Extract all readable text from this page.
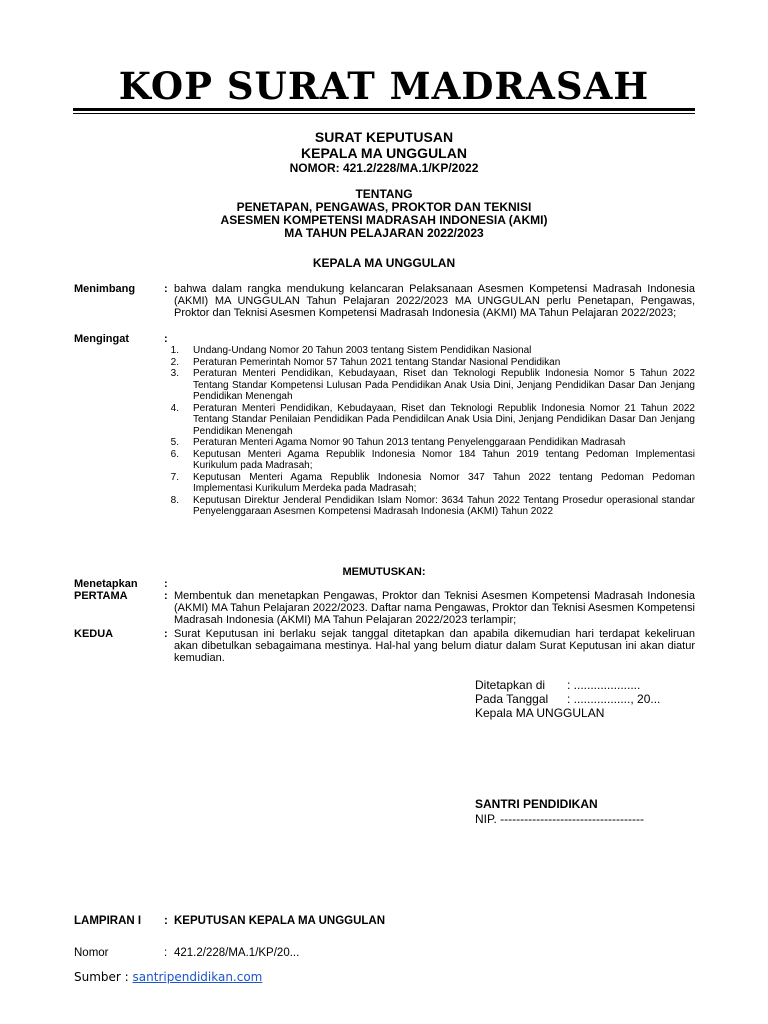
KOP SURAT MADRASAH
SURAT KEPUTUSAN
KEPALA MA UNGGULAN
NOMOR: 421.2/228/MA.1/KP/2022
TENTANG
PENETAPAN, PENGAWAS, PROKTOR DAN TEKNISI
ASESMEN KOMPETENSI MADRASAH INDONESIA (AKMI)
MA TAHUN PELAJARAN 2022/2023
KEPALA MA UNGGULAN
Menimbang	: bahwa dalam rangka mendukung kelancaran Pelaksanaan Asesmen Kompetensi Madrasah Indonesia (AKMI) MA UNGGULAN Tahun Pelajaran 2022/2023 MA UNGGULAN perlu Penetapan, Pengawas, Proktor dan Teknisi Asesmen Kompetensi Madrasah Indonesia (AKMI) MA Tahun Pelajaran 2022/2023;
Mengingat	:
1. Undang-Undang Nomor 20 Tahun 2003 tentang Sistem Pendidikan Nasional
2. Peraturan Pemerintah Nomor 57 Tahun 2021 tentang Standar Nasional Pendidikan
3. Peraturan Menteri Pendidikan, Kebudayaan, Riset dan Teknologi Republik Indonesia Nomor 5 Tahun 2022 Tentang Standar Kompetensi Lulusan Pada Pendidikan Anak Usia Dini, Jenjang Pendidikan Dasar Dan Jenjang Pendidikan Menengah
4. Peraturan Menteri Pendidikan, Kebudayaan, Riset dan Teknologi Republik Indonesia Nomor 21 Tahun 2022 Tentang Standar Penilaian Pendidikan Pada Pendidilcan Anak Usia Dini, Jenjang Pendidikan Dasar Dan Jenjang Pendidikan Menengah
5. Peraturan Menteri Agama Nomor 90 Tahun 2013 tentang Penyelenggaraan Pendidikan Madrasah
6. Keputusan Menteri Agama Republik Indonesia Nomor 184 Tahun 2019 tentang Pedoman Implementasi Kurikulum pada Madrasah;
7. Keputusan Menteri Agama Republik Indonesia Nomor 347 Tahun 2022 tentang Pedoman Pedoman Implementasi Kurikulum Merdeka pada Madrasah;
8. Keputusan Direktur Jenderal Pendidikan Islam Nomor: 3634 Tahun 2022 Tentang Prosedur operasional standar Penyelenggaraan Asesmen Kompetensi Madrasah Indonesia (AKMI) Tahun 2022
MEMUTUSKAN:
Menetapkan :
PERTAMA	: Membentuk dan menetapkan Pengawas, Proktor dan Teknisi Asesmen Kompetensi Madrasah Indonesia (AKMI) MA Tahun Pelajaran 2022/2023. Daftar nama Pengawas, Proktor dan Teknisi Asesmen Kompetensi Madrasah Indonesia (AKMI) MA Tahun Pelajaran 2022/2023 terlampir;
KEDUA	: Surat Keputusan ini berlaku sejak tanggal ditetapkan dan apabila dikemudian hari terdapat kekeliruan akan dibetulkan sebagaimana mestinya. Hal-hal yang belum diatur dalam Surat Keputusan ini akan diatur kemudian.
Ditetapkan di : ....................
Pada Tanggal : ................., 20...
Kepala MA UNGGULAN
SANTRI PENDIDIKAN
NIP. ------------------------------------
LAMPIRAN I : KEPUTUSAN KEPALA MA UNGGULAN
Nomor	: 421.2/228/MA.1/KP/20...
Sumber : santripendidikan.com
